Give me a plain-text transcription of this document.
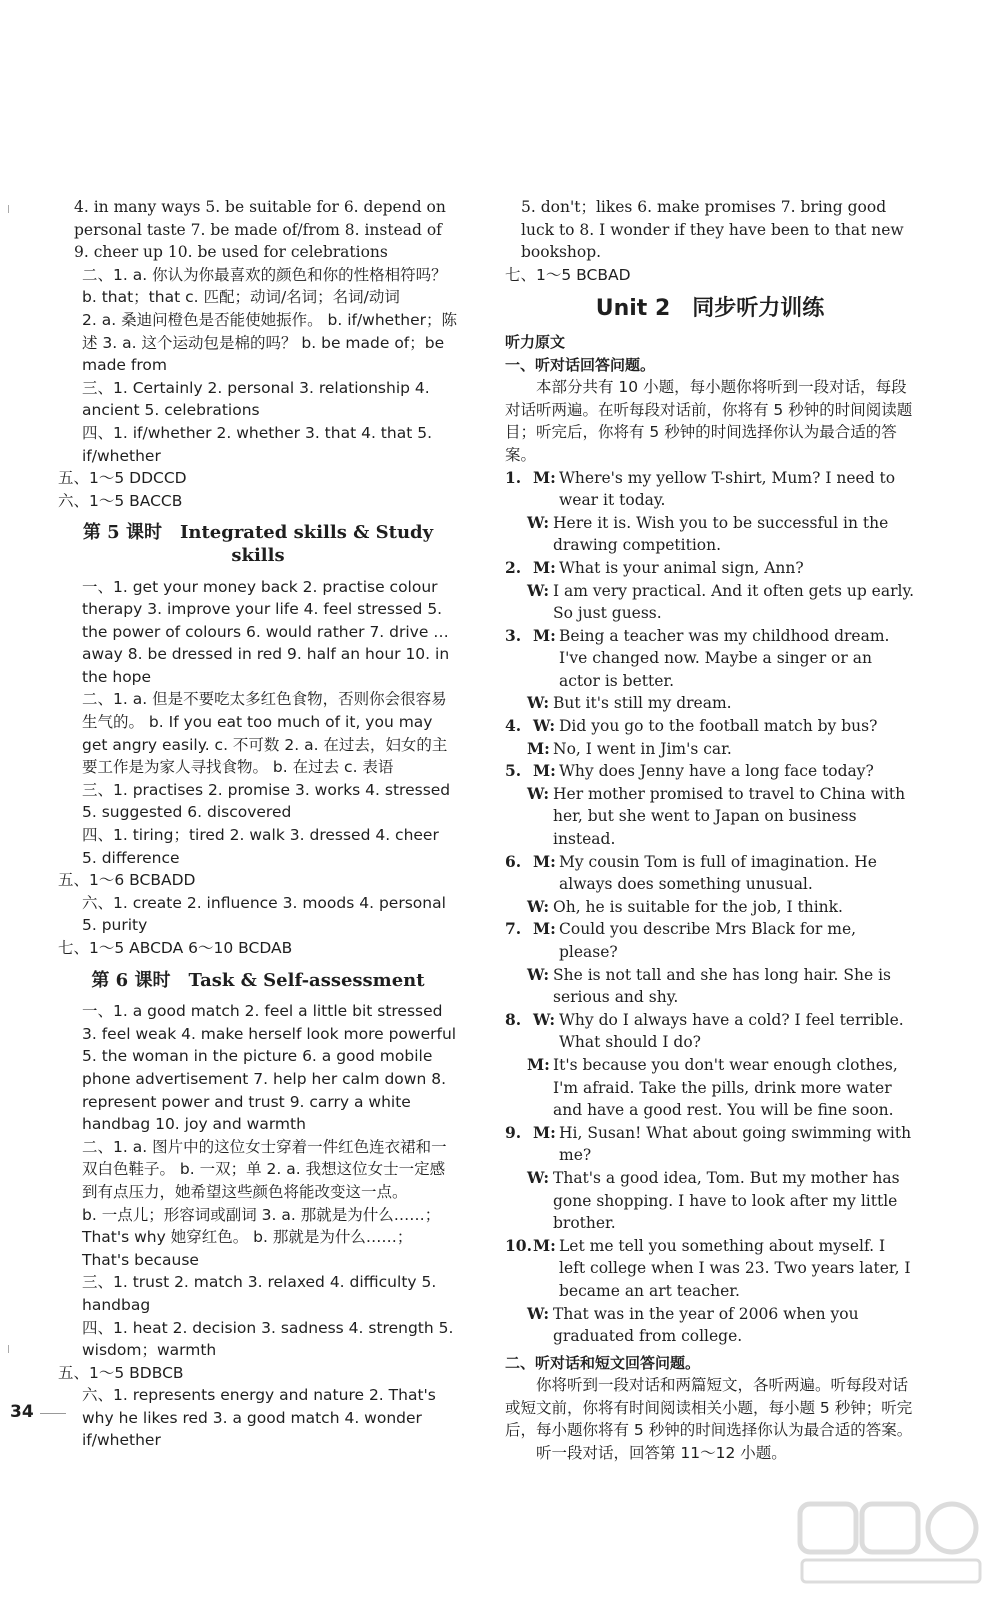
4. in many ways 5. be suitable for 6. depend on personal taste 7. be made of/from 8. instead of 9. cheer up 10. be used for celebrations

二、1. a. 你认为你最喜欢的颜色和你的性格相符吗？ b. that；that c. 匹配；动词/名词；名词/动词

2. a. 桑迪问橙色是否能使她振作。 b. if/whether；陈述 3. a. 这个运动包是棉的吗？ b. be made of；be made from

三、1. Certainly 2. personal 3. relationship 4. ancient 5. celebrations

四、1. if/whether 2. whether 3. that 4. that 5. if/whether

五、1～5 DDCCD

六、1～5 BACCB

第 5 课时　Integrated skills & Study skills

一、1. get your money back 2. practise colour therapy 3. improve your life 4. feel stressed 5. the power of colours 6. would rather 7. drive … away 8. be dressed in red 9. half an hour 10. in the hope

二、1. a. 但是不要吃太多红色食物，否则你会很容易生气的。 b. If you eat too much of it, you may get angry easily. c. 不可数 2. a. 在过去，妇女的主要工作是为家人寻找食物。 b. 在过去 c. 表语

三、1. practises 2. promise 3. works 4. stressed 5. suggested 6. discovered

四、1. tiring；tired 2. walk 3. dressed 4. cheer 5. difference

五、1～6 BCBADD

六、1. create 2. influence 3. moods 4. personal 5. purity

七、1～5 ABCDA 6～10 BCDAB

第 6 课时　Task & Self-assessment

一、1. a good match 2. feel a little bit stressed 3. feel weak 4. make herself look more powerful 5. the woman in the picture 6. a good mobile phone advertisement 7. help her calm down 8. represent power and trust 9. carry a white handbag 10. joy and warmth

二、1. a. 图片中的这位女士穿着一件红色连衣裙和一双白色鞋子。 b. 一双；单 2. a. 我想这位女士一定感到有点压力，她希望这些颜色将能改变这一点。

b. 一点儿；形容词或副词 3. a. 那就是为什么……；That's why 她穿红色。 b. 那就是为什么……；That's because

三、1. trust 2. match 3. relaxed 4. difficulty 5. handbag

四、1. heat 2. decision 3. sadness 4. strength 5. wisdom；warmth

五、1～5 BDBCB

六、1. represents energy and nature 2. That's why he likes red 3. a good match 4. wonder if/whether

5. don't；likes 6. make promises 7. bring good luck to 8. I wonder if they have been to that new bookshop.

七、1～5 BCBAD

Unit 2　同步听力训练
听力原文
一、听对话回答问题。

本部分共有 10 小题，每小题你将听到一段对话，每段对话听两遍。在听每段对话前，你将有 5 秒钟的时间阅读题目；听完后，你将有 5 秒钟的时间选择你认为最合适的答案。

1. M: Where's my yellow T-shirt, Mum? I need to wear it today.
W: Here it is. Wish you to be successful in the drawing competition.
2. M: What is your animal sign, Ann?
W: I am very practical. And it often gets up early. So just guess.
3. M: Being a teacher was my childhood dream. I've changed now. Maybe a singer or an actor is better.
W: But it's still my dream.
4. W: Did you go to the football match by bus?
M: No, I went in Jim's car.
5. M: Why does Jenny have a long face today?
W: Her mother promised to travel to China with her, but she went to Japan on business instead.
6. M: My cousin Tom is full of imagination. He always does something unusual.
W: Oh, he is suitable for the job, I think.
7. M: Could you describe Mrs Black for me, please?
W: She is not tall and she has long hair. She is serious and shy.
8. W: Why do I always have a cold? I feel terrible. What should I do?
M: It's because you don't wear enough clothes, I'm afraid. Take the pills, drink more water and have a good rest. You will be fine soon.
9. M: Hi, Susan! What about going swimming with me?
W: That's a good idea, Tom. But my mother has gone shopping. I have to look after my little brother.
10. M: Let me tell you something about myself. I left college when I was 23. Two years later, I became an art teacher.
W: That was in the year of 2006 when you graduated from college.
二、听对话和短文回答问题。

你将听到一段对话和两篇短文，各听两遍。听每段对话或短文前，你将有时间阅读相关小题，每小题 5 秒钟；听完后，每小题你将有 5 秒钟的时间选择你认为最合适的答案。

听一段对话，回答第 11～12 小题。

34
